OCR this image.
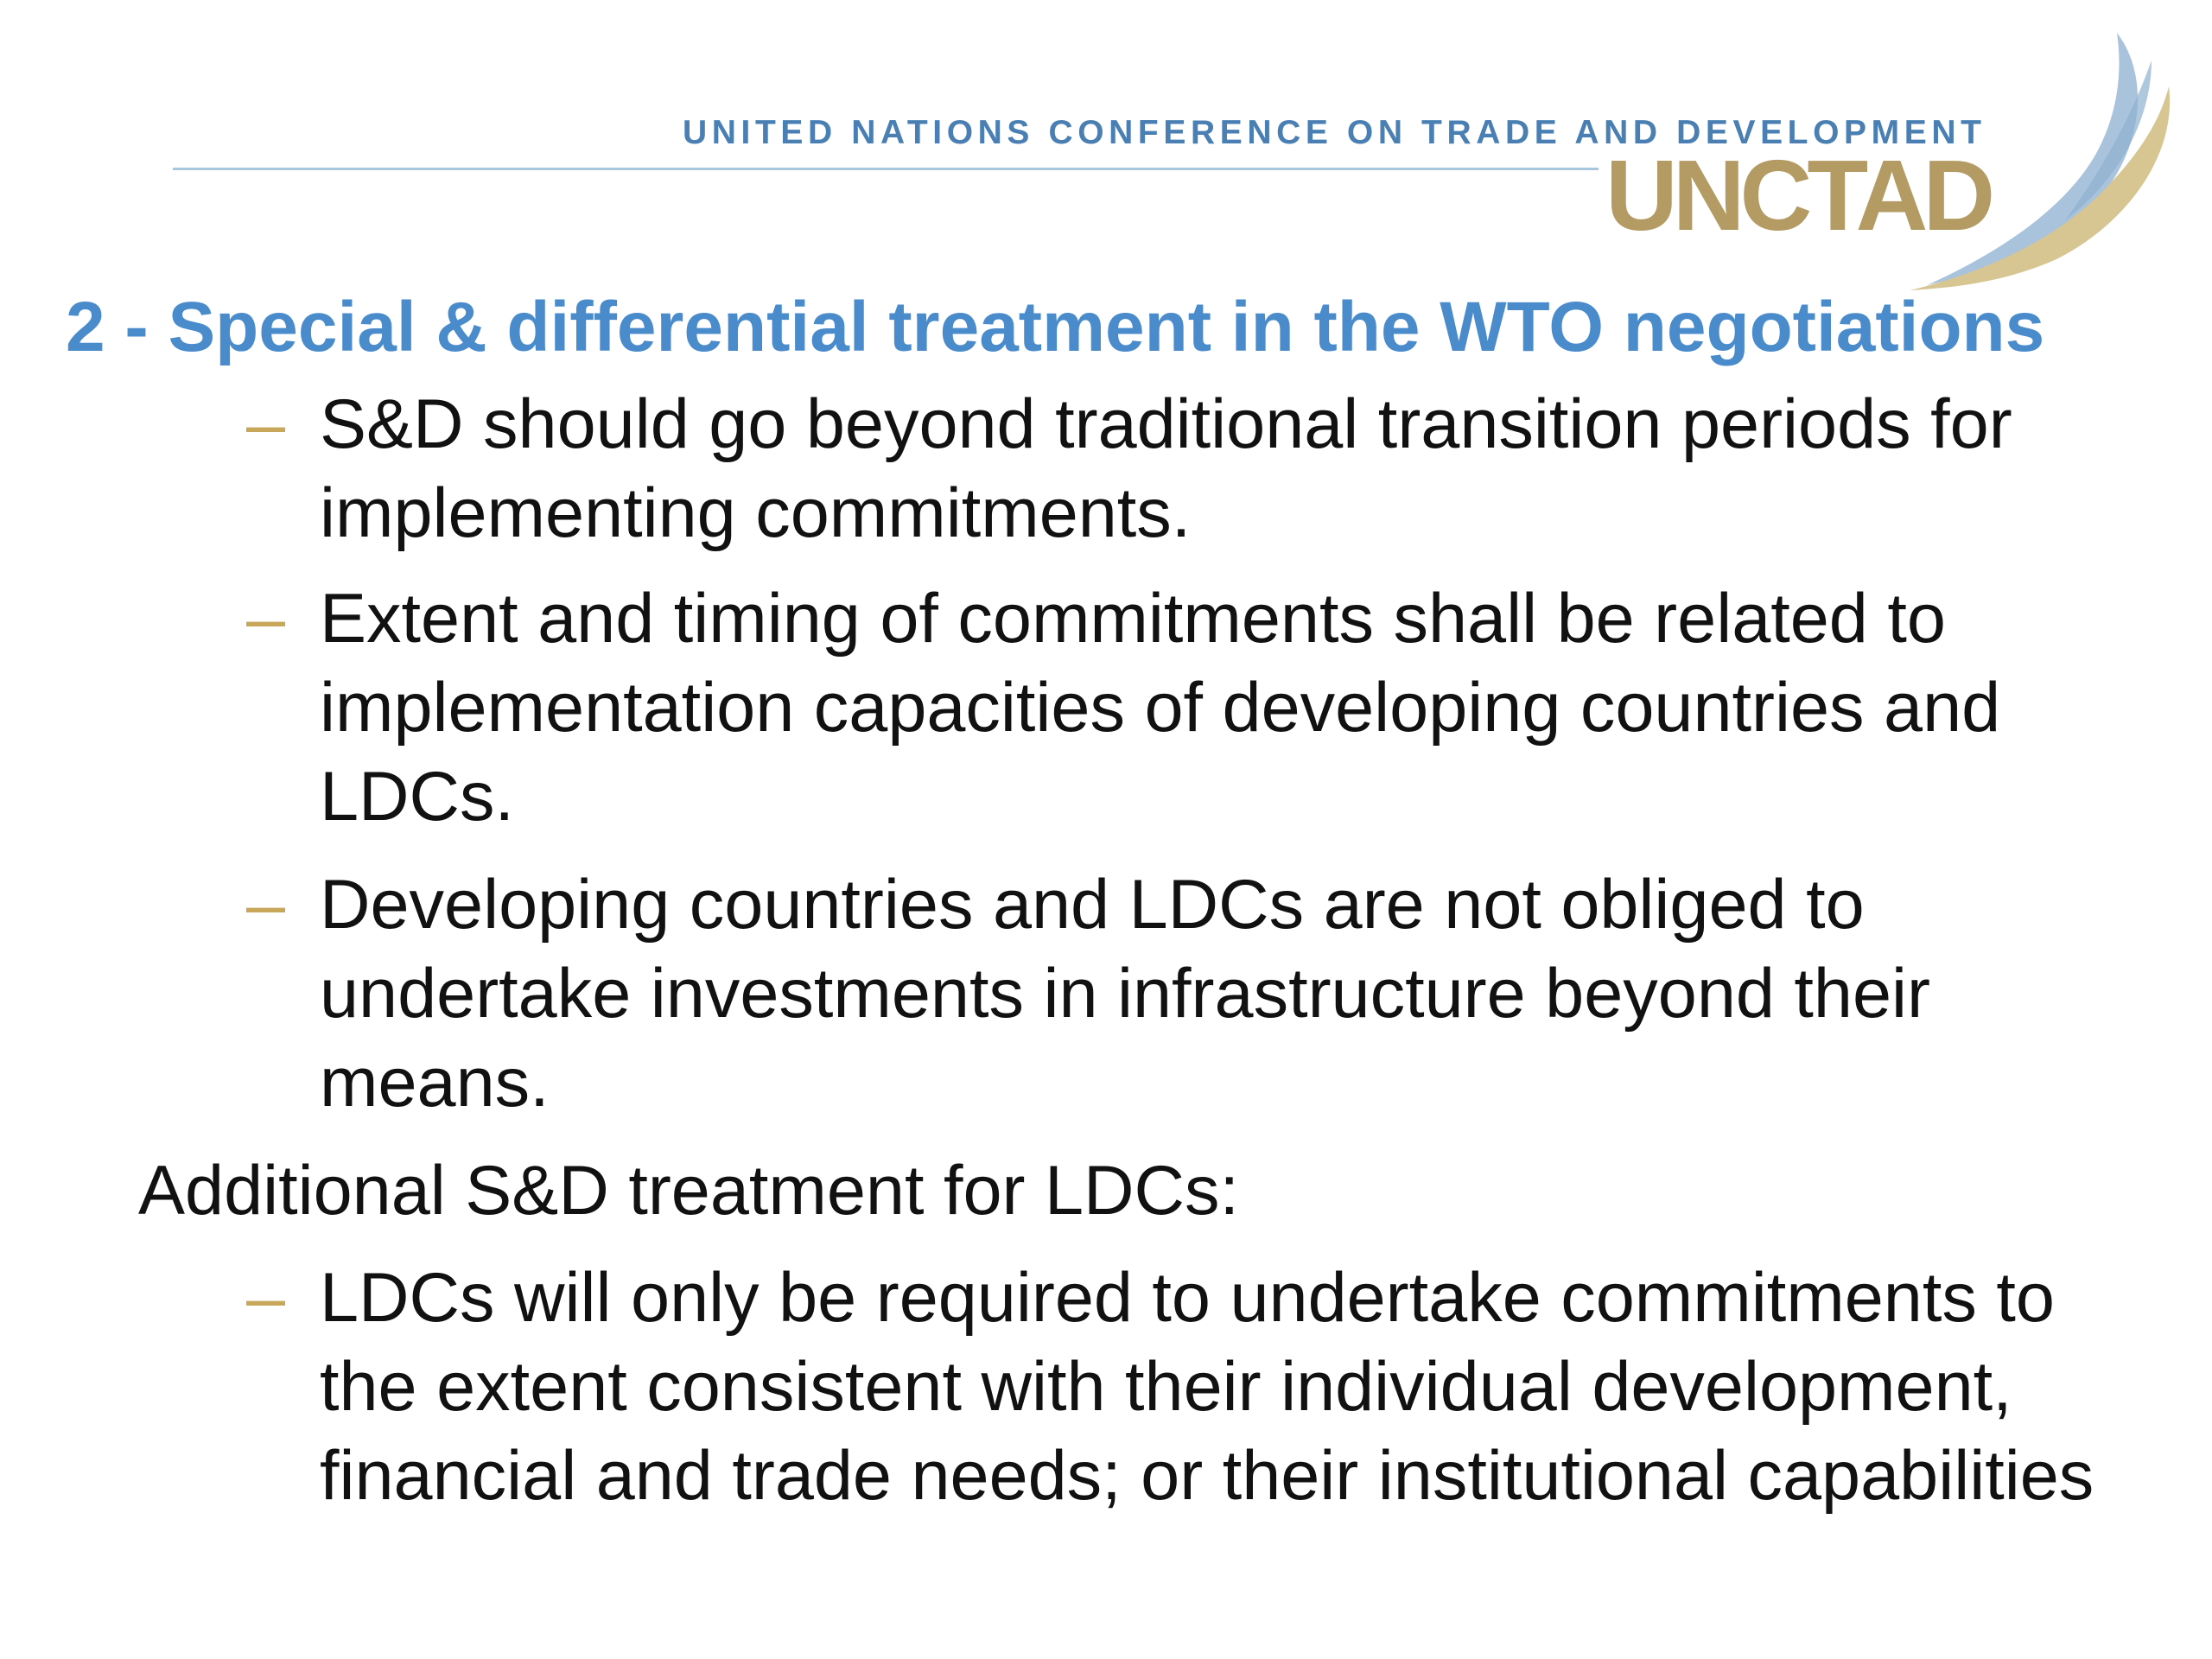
UNITED NATIONS CONFERENCE ON TRADE AND DEVELOPMENT
UNCTAD
2 - Special & differential treatment in the WTO negotiations
– S&D should go beyond traditional transition periods for implementing commitments.
– Extent and timing of commitments shall be related to implementation capacities of developing countries and LDCs.
– Developing countries and LDCs are not obliged to undertake investments in infrastructure beyond their means.
Additional S&D treatment for LDCs:
– LDCs will only be required to undertake commitments to the extent consistent with their individual development, financial and trade needs; or their institutional capabilities
